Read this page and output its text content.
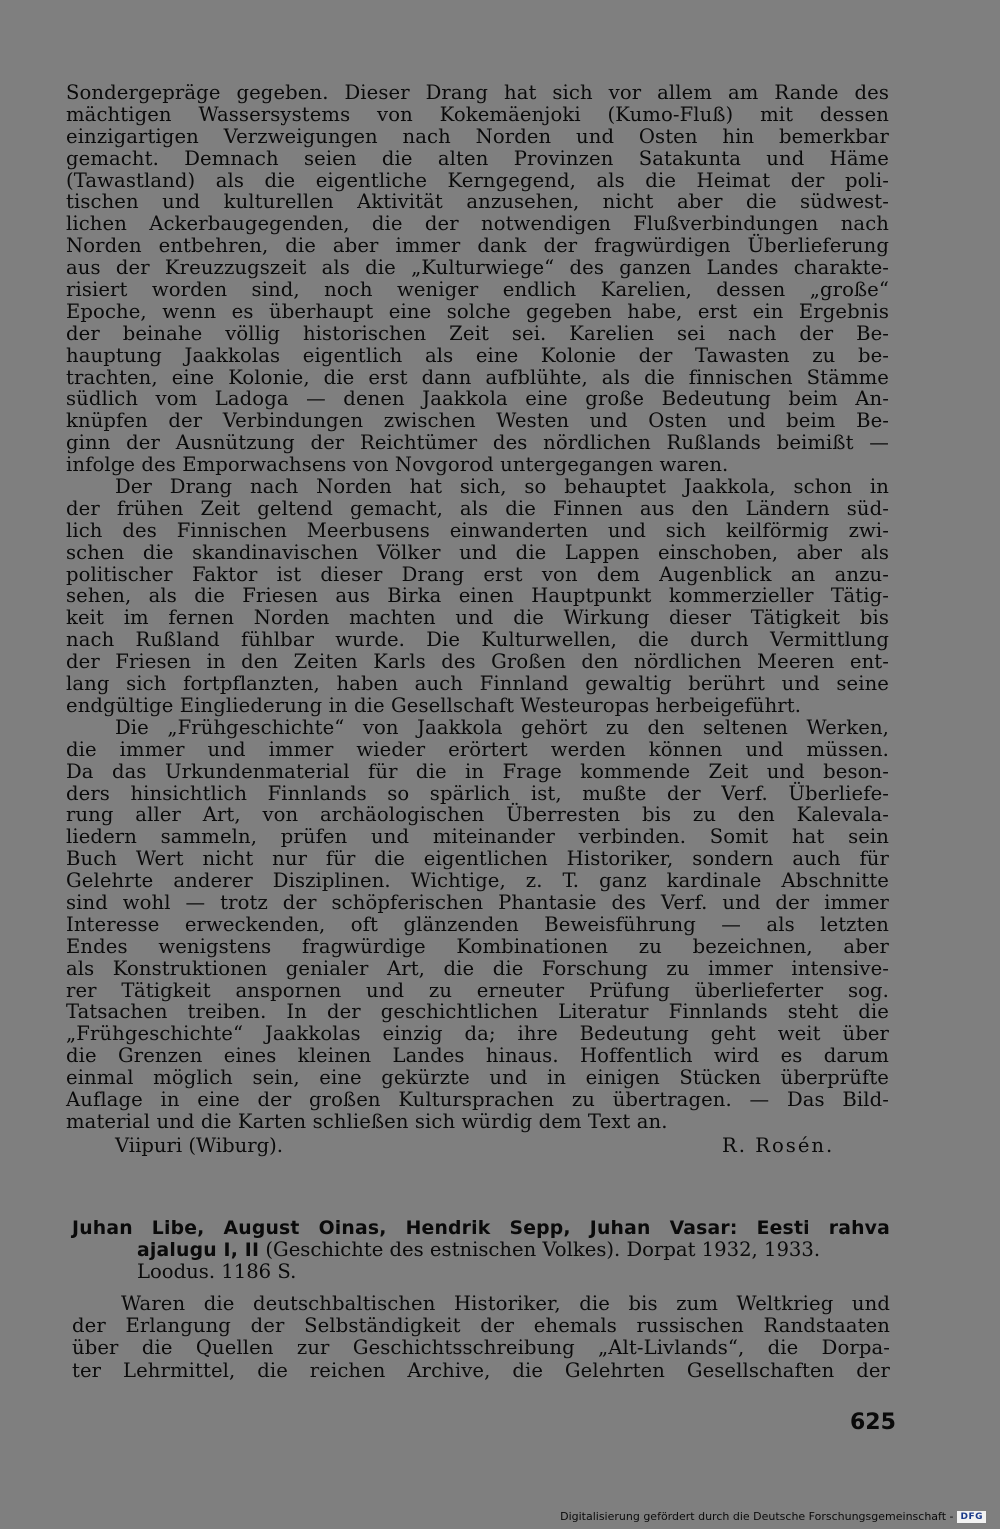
Sondergepräge gegeben. Dieser Drang hat sich vor allem am Rande des
mächtigen Wassersystems von Kokemäenjoki (Kumo-Fluß) mit dessen
einzigartigen Verzweigungen nach Norden und Osten hin bemerkbar
gemacht. Demnach seien die alten Provinzen Satakunta und Häme
(Tawastland) als die eigentliche Kerngegend, als die Heimat der poli-
tischen und kulturellen Aktivität anzusehen, nicht aber die südwest-
lichen Ackerbaugegenden, die der notwendigen Flußverbindungen nach
Norden entbehren, die aber immer dank der fragwürdigen Überlieferung
aus der Kreuzzugszeit als die „Kulturwiege“ des ganzen Landes charakte-
risiert worden sind, noch weniger endlich Karelien, dessen „große“
Epoche, wenn es überhaupt eine solche gegeben habe, erst ein Ergebnis
der beinahe völlig historischen Zeit sei. Karelien sei nach der Be-
hauptung Jaakkolas eigentlich als eine Kolonie der Tawasten zu be-
trachten, eine Kolonie, die erst dann aufblühte, als die finnischen Stämme
südlich vom Ladoga — denen Jaakkola eine große Bedeutung beim An-
knüpfen der Verbindungen zwischen Westen und Osten und beim Be-
ginn der Ausnützung der Reichtümer des nördlichen Rußlands beimißt —
infolge des Emporwachsens von Novgorod untergegangen waren.
Der Drang nach Norden hat sich, so behauptet Jaakkola, schon in
der frühen Zeit geltend gemacht, als die Finnen aus den Ländern süd-
lich des Finnischen Meerbusens einwanderten und sich keilförmig zwi-
schen die skandinavischen Völker und die Lappen einschoben, aber als
politischer Faktor ist dieser Drang erst von dem Augenblick an anzu-
sehen, als die Friesen aus Birka einen Hauptpunkt kommerzieller Tätig-
keit im fernen Norden machten und die Wirkung dieser Tätigkeit bis
nach Rußland fühlbar wurde. Die Kulturwellen, die durch Vermittlung
der Friesen in den Zeiten Karls des Großen den nördlichen Meeren ent-
lang sich fortpflanzten, haben auch Finnland gewaltig berührt und seine
endgültige Eingliederung in die Gesellschaft Westeuropas herbeigeführt.
Die „Frühgeschichte“ von Jaakkola gehört zu den seltenen Werken,
die immer und immer wieder erörtert werden können und müssen.
Da das Urkundenmaterial für die in Frage kommende Zeit und beson-
ders hinsichtlich Finnlands so spärlich ist, mußte der Verf. Überliefe-
rung aller Art, von archäologischen Überresten bis zu den Kalevala-
liedern sammeln, prüfen und miteinander verbinden. Somit hat sein
Buch Wert nicht nur für die eigentlichen Historiker, sondern auch für
Gelehrte anderer Disziplinen. Wichtige, z. T. ganz kardinale Abschnitte
sind wohl — trotz der schöpferischen Phantasie des Verf. und der immer
Interesse erweckenden, oft glänzenden Beweisführung — als letzten
Endes wenigstens fragwürdige Kombinationen zu bezeichnen, aber
als Konstruktionen genialer Art, die die Forschung zu immer intensive-
rer Tätigkeit anspornen und zu erneuter Prüfung überlieferter sog.
Tatsachen treiben. In der geschichtlichen Literatur Finnlands steht die
„Frühgeschichte“ Jaakkolas einzig da; ihre Bedeutung geht weit über
die Grenzen eines kleinen Landes hinaus. Hoffentlich wird es darum
einmal möglich sein, eine gekürzte und in einigen Stücken überprüfte
Auflage in eine der großen Kultursprachen zu übertragen. — Das Bild-
material und die Karten schließen sich würdig dem Text an.
Viipuri (Wiburg).	R. Rosén.
Juhan Libe, August Oinas, Hendrik Sepp, Juhan Vasar: Eesti rahva
ajalugu I, II (Geschichte des estnischen Volkes). Dorpat 1932, 1933.
Loodus. 1186 S.
Waren die deutschbaltischen Historiker, die bis zum Weltkrieg und
der Erlangung der Selbständigkeit der ehemals russischen Randstaaten
über die Quellen zur Geschichtsschreibung „Alt-Livlands“, die Dorpa-
ter Lehrmittel, die reichen Archive, die Gelehrten Gesellschaften der
625
Digitalisierung gefördert durch die Deutsche Forschungsgemeinschaft - DFG
